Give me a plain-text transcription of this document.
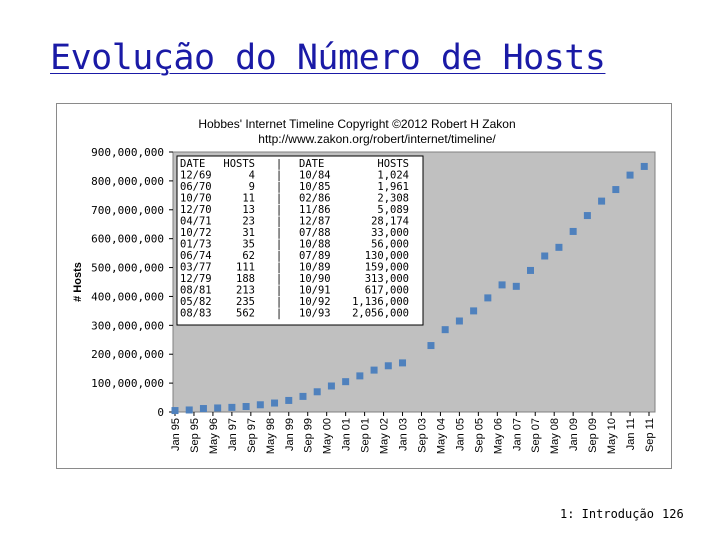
Evolução do Número de Hosts
Hobbes' Internet Timeline Copyright ©2012 Robert H Zakon
http://www.zakon.org/robert/internet/timeline/
0
100,000,000
200,000,000
300,000,000
400,000,000
500,000,000
600,000,000
700,000,000
800,000,000
900,000,000
# Hosts
Jan 95 Sep 95 May 96 Jan 97 Sep 97 May 98 Jan 99 Sep 99 May 00 Jan 01 Sep 01 May 02 Jan 03 Sep 03 May 04 Jan 05 Sep 05 May 06 Jan 07 Sep 07 May 08 Jan 09 Sep 09 May 10 Jan 11 Sep 11
DATE HOSTS | DATE	HOSTS
12/69	4 | 10/84	1,024
06/70	9 | 10/85	1,961
10/70	11 | 02/86	2,308
12/70	13 | 11/86	5,089
04/71	23 | 12/87	28,174
10/72	31 | 07/88	33,000
01/73	35 | 10/88	56,000
06/74	62 | 07/89	130,000
03/77 111 | 10/89	159,000
12/79 188 | 10/90	313,000
08/81 213 | 10/91	617,000
05/82 235 | 10/92 1,136,000
08/83 562 | 10/93 2,056,000
1: Introdução 126
